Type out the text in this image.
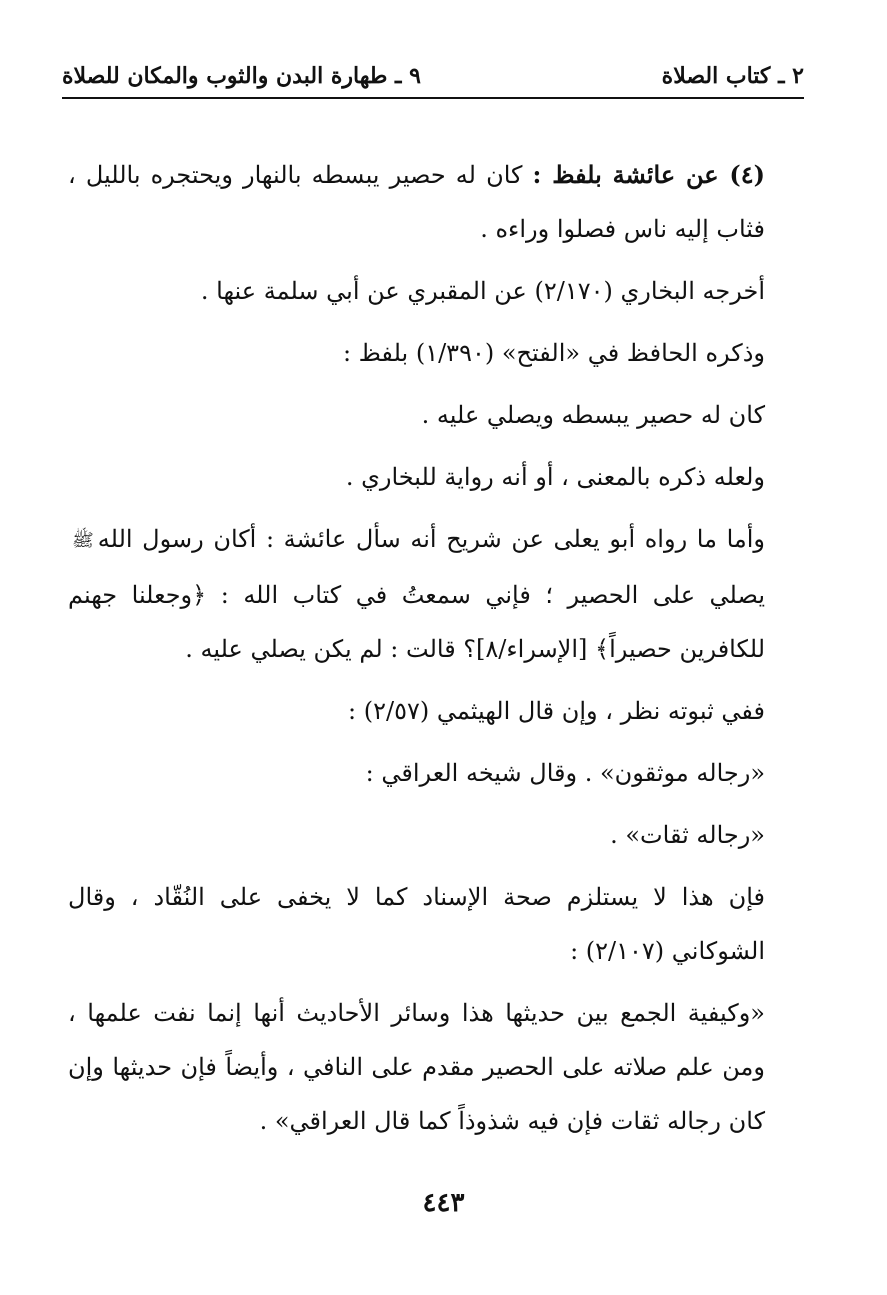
٢ ـ كتاب الصلاة
٩ ـ طهارة البدن والثوب والمكان للصلاة

(٤) عن عائشة بلفظ : كان له حصير يبسطه بالنهار ويحتجره بالليل ، فثاب إليه ناس فصلوا وراءه .

أخرجه البخاري (٢/١٧٠) عن المقبري عن أبي سلمة عنها .

وذكره الحافظ في «الفتح» (١/٣٩٠) بلفظ :

كان له حصير يبسطه ويصلي عليه .

ولعله ذكره بالمعنى ، أو أنه رواية للبخاري .

وأما ما رواه أبو يعلى عن شريح أنه سأل عائشة : أكان رسول اللهﷺيصلي على الحصير ؛ فإني سمعتُ في كتاب الله : ﴿وجعلنا جهنم للكافرين حصيراً﴾ [الإسراء/٨]؟ قالت : لم يكن يصلي عليه .

ففي ثبوته نظر ، وإن قال الهيثمي (٢/٥٧) :

«رجاله موثقون» . وقال شيخه العراقي :

«رجاله ثقات» .

فإن هذا لا يستلزم صحة الإسناد كما لا يخفى على النُقّاد ، وقال الشوكاني (٢/١٠٧) :

«وكيفية الجمع بين حديثها هذا وسائر الأحاديث أنها إنما نفت علمها ، ومن علم صلاته على الحصير مقدم على النافي ، وأيضاً فإن حديثها وإن كان رجاله ثقات فإن فيه شذوذاً كما قال العراقي» .

٤٤٣
